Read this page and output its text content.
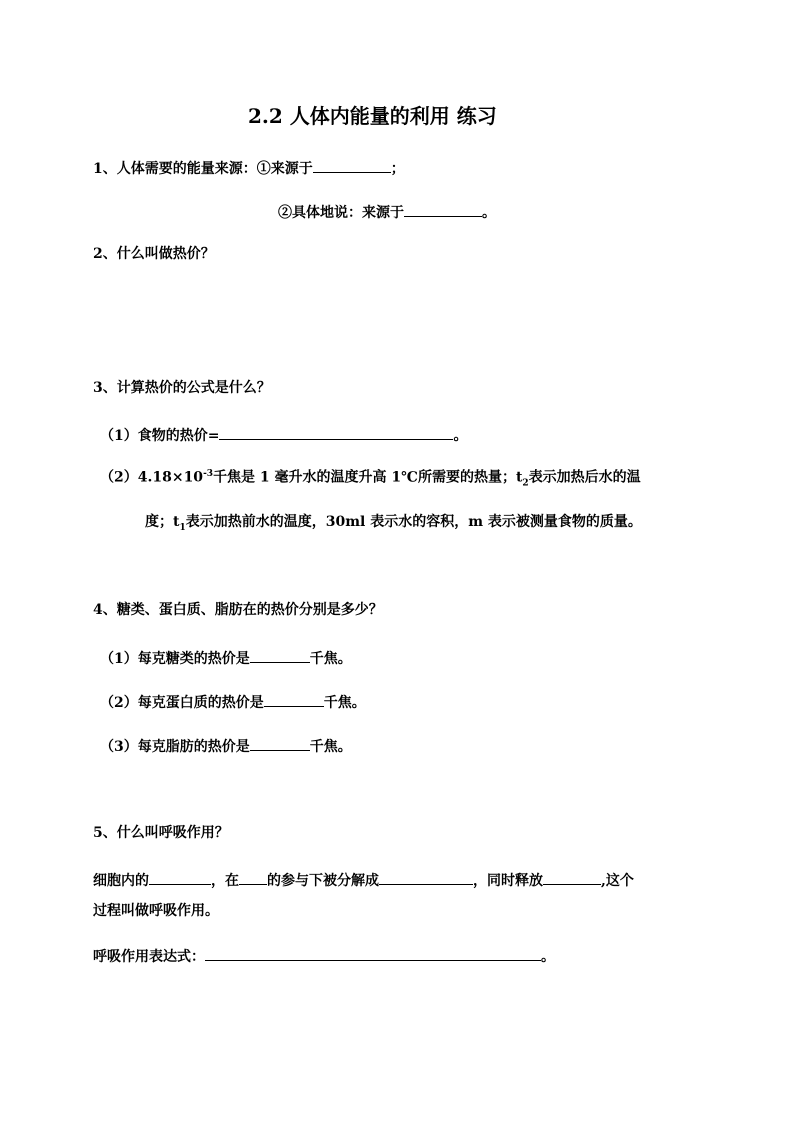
2.2 人体内能量的利用 练习
1、人体需要的能量来源：①来源于	；
②具体地说：来源于	。
2、什么叫做热价？
3、计算热价的公式是什么？
（1）食物的热价=	。
$(2)4.18\times 10^{-3}$千焦是 1 毫升水的温度升高 1℃所需要的热量；$t_2$表示加热后水的温
度；$t_1$表示加热前水的温度，30ml 表示水的容积，m 表示被测量食物的质量。
4、糖类、蛋白质、脂肪在的热价分别是多少？
（1）每克糖类的热价是	千焦。
（2）每克蛋白质的热价是	千焦。
（3）每克脂肪的热价是	千焦。
5、什么叫呼吸作用？
细胞内的	，在 的参与下被分解成	，同时释放	,这个
过程叫做呼吸作用。
呼吸作用表达式：	。
